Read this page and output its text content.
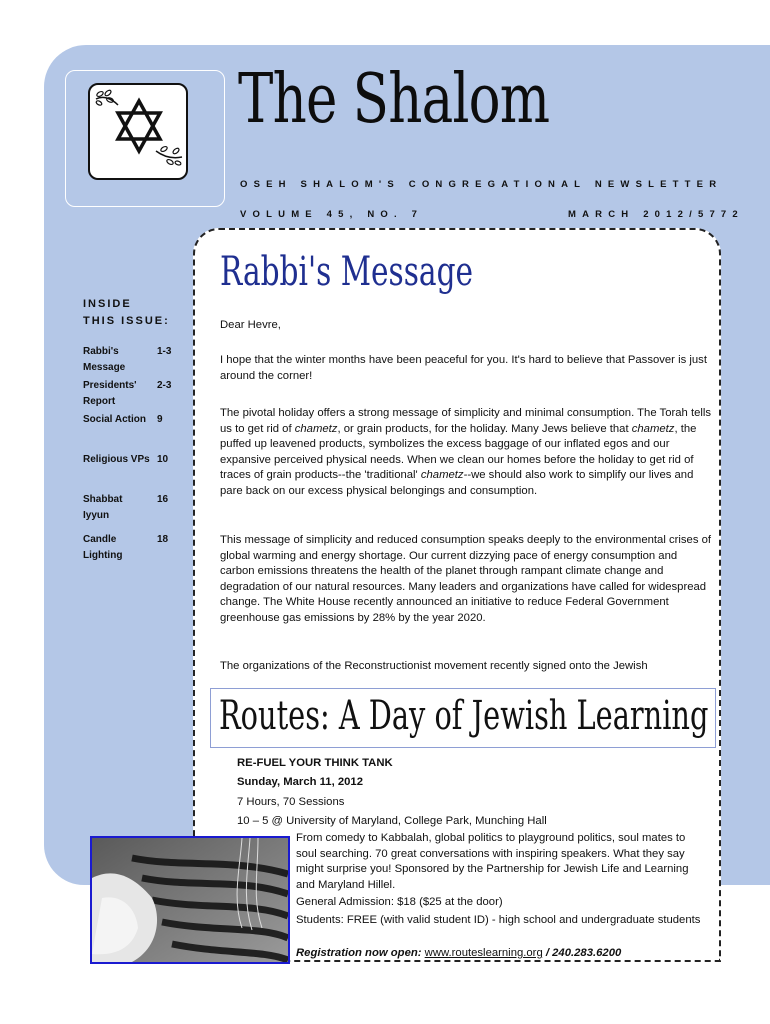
The Shalom
OSEH SHALOM'S CONGREGATIONAL NEWSLETTER
VOLUME 45, NO. 7	MARCH 2012/5772
INSIDE
THIS ISSUE:
Rabbi's Message
1-3
Presidents' Report
2-3
Social Action	9
Religious VPs 10
Shabbat Iyyun
16
Candle Lighting
18
Rabbi's Message

Dear Hevre,

I hope that the winter months have been peaceful for you. It's hard to believe that Passover is just around the corner!

The pivotal holiday offers a strong message of simplicity and minimal consumption. The Torah tells us to get rid of chametz, or grain products, for the holiday. Many Jews believe that chametz, the puffed up leavened products, symbolizes the excess baggage of our inflated egos and our expansive perceived physical needs. When we clean our homes before the holiday to get rid of traces of grain products--the 'traditional' chametz--we should also work to simplify our lives and pare back on our excess physical belongings and consumption.

This message of simplicity and reduced consumption speaks deeply to the environmental crises of global warming and energy shortage. Our current dizzying pace of energy consumption and carbon emissions threatens the health of the planet through rampant climate change and degradation of our natural resources. Many leaders and organizations have called for widespread change. The White House recently announced an initiative to reduce Federal Government greenhouse gas emissions by 28% by the year 2020.

The organizations of the Reconstructionist movement recently signed onto the Jewish

Routes: A Day of Jewish Learning

RE-FUEL YOUR THINK TANK

Sunday, March 11, 2012

7 Hours, 70 Sessions

10 – 5 @ University of Maryland, College Park, Munching Hall

From comedy to Kabbalah, global politics to playground politics, soul mates to soul searching. 70 great conversations with inspiring speakers. What they say might surprise you! Sponsored by the Partnership for Jewish Life and Learning and Maryland Hillel.

General Admission: $18 ($25 at the door)

Students: FREE (with valid student ID) - high school and undergraduate students

Registration now open: www.routeslearning.org / 240.283.6200
